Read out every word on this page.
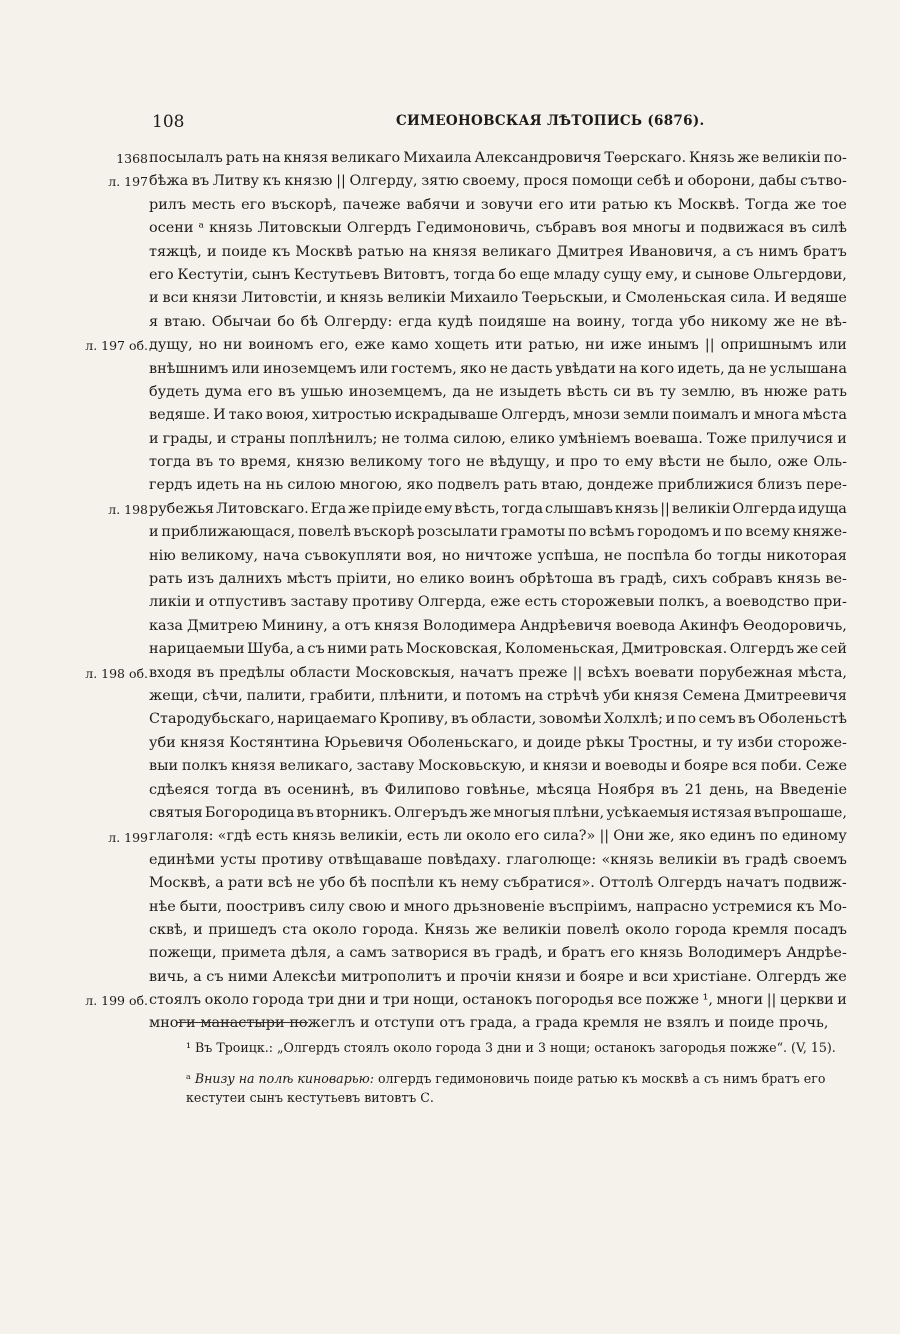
108	СИМЕОНОВСКАЯ ЛѢТОПИСЬ (6876).
1368
л. 197
л. 197 об.
л. 198
л. 198 об.
л. 199
л. 199 об.
посылалъ рать на князя великаго Михаила Александровичя Тѳерскаго. Князь же великіи по-
бѣжа въ Литву къ князю || Олгерду, зятю своему, прося помощи себѣ и оборони, дабы сътво-
рилъ месть его въскорѣ, пачеже вабячи и зовучи его ити ратью къ Москвѣ. Тогда же тое
осени ᵃ князь Литовскыи Олгердъ Гедимоновичь, събравъ воя многы и подвижася въ силѣ
тяжцѣ, и поиде къ Москвѣ ратью на князя великаго Дмитрея Ивановичя, а съ нимъ братъ
его Кестутіи, сынъ Кестутьевъ Витовтъ, тогда бо еще младу сущу ему, и сынове Ольгердови,
и вси князи Литовстіи, и князь великіи Михаило Тѳерьскыи, и Смоленьская сила. И ведяше
я втаю. Обычаи бо бѣ Олгерду: егда кудѣ поидяше на воину, тогда убо никому же не вѣ-
дущу, но ни воиномъ его, еже камо хощеть ити ратью, ни иже инымъ || опришнымъ или
внѣшнимъ или иноземцемъ или гостемъ, яко не дасть увѣдати на кого идеть, да не услышана
будеть дума его въ ушью иноземцемъ, да не изыдеть вѣсть си въ ту землю, въ нюже рать
ведяше. И тако воюя, хитростью искрадываше Олгердъ, мнози земли поималъ и многа мѣста
и грады, и страны поплѣнилъ; не толма силою, елико умѣніемъ воеваша. Тоже прилучися и
тогда въ то время, князю великому того не вѣдущу, и про то ему вѣсти не было, оже Оль-
гердъ идеть на нь силою многою, яко подвелъ рать втаю, дондеже приближися близъ пере-
рубежья Литовскаго. Егда же пріиде ему вѣсть, тогда слышавъ князь || великіи Олгерда идуща
и приближающася, повелѣ въскорѣ розсылати грамоты по всѣмъ городомъ и по всему княже-
нію великому, нача съвокупляти воя, но ничтоже успѣша, не поспѣла бо тогды никоторая
рать изъ далнихъ мѣстъ пріити, но елико воинъ обрѣтоша въ градѣ, сихъ собравъ князь ве-
ликіи и отпустивъ заставу противу Олгерда, еже есть сторожевыи полкъ, а воеводство при-
каза Дмитрею Минину, а отъ князя Володимера Андрѣевичя воевода Акинфъ Ѳеодоровичь,
нарицаемыи Шуба, а съ ними рать Московская, Коломеньская, Дмитровская. Олгердъ же сей
входя въ предѣлы области Московскыя, начатъ преже || всѣхъ воевати порубежная мѣста,
жещи, сѣчи, палити, грабити, плѣнити, и потомъ на стрѣчѣ уби князя Семена Дмитреевичя
Стародубьскаго, нарицаемаго Кропиву, въ области, зовомѣи Холхлѣ; и по семъ въ Оболеньстѣ
уби князя Костянтина Юрьевичя Оболеньскаго, и доиде рѣкы Тростны, и ту изби стороже-
выи полкъ князя великаго, заставу Московьскую, и князи и воеводы и бояре вся поби. Сеже
сдѣеяся тогда въ осенинѣ, въ Филипово говѣнье, мѣсяца Ноября въ 21 день, на Введеніе
святыя Богородица въ вторникъ. Олгеръдъ же многыя плѣни, усѣкаемыя истязая въпрошаше,
глаголя: «гдѣ есть князь великіи, есть ли около его сила?» || Они же, яко единъ по единому
единѣми усты противу отвѣщаваше повѣдаху. глаголюще: «князь великіи въ градѣ своемъ
Москвѣ, а рати всѣ не убо бѣ поспѣли къ нему събратися». Оттолѣ Олгердъ начатъ подвиж-
нѣе быти, поостривъ силу свою и много дрьзновеніе въспріимъ, напрасно устремися къ Мо-
сквѣ, и пришедъ ста около города. Князь же великіи повелѣ около города кремля посадъ
пожещи, примета дѣля, а самъ затворися въ градѣ, и братъ его князь Володимеръ Андрѣе-
вичь, а съ ними Алексѣи митрополитъ и прочіи князи и бояре и вси христіане. Олгердъ же
стоялъ около города три дни и три нощи, останокъ погородья все пожже ¹, многи || церкви и
многи манастыри пожеглъ и отступи отъ града, а града кремля не взялъ и поиде прочь,
¹ Въ Троицк.: „Олгердъ стоялъ около города 3 дни и 3 нощи; останокъ загородья пожже“. (V, 15).
ᵃ Внизу на полѣ киноварью: олгердъ гедимоновичь поиде ратью къ москвѣ а съ нимъ братъ его кестутеи сынъ кестутьевъ витовтъ С.
